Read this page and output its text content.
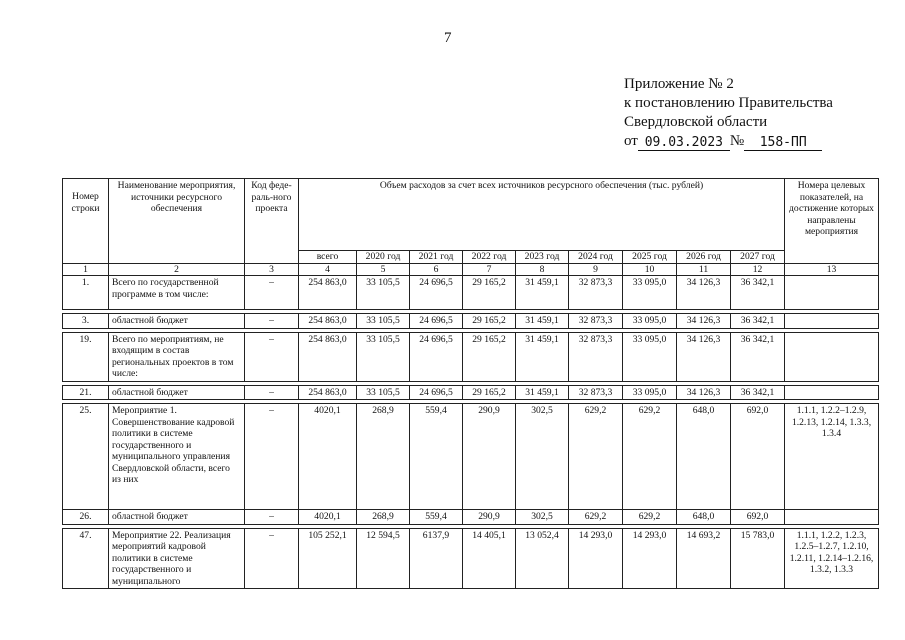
7
Приложение № 2
к постановлению Правительства
Свердловской области
от 09.03.2023 №	158-ПП
Номер строки	Наименование мероприятия, источники ресурсного обеспечения	Код феде-раль-ного проекта	Объем расходов за счет всех источников ресурсного обеспечения (тыс. рублей)									Номера целевых показателей, на достижение которых направлены мероприятия
			всего	2020 год	2021 год	2022 год	2023 год	2024 год	2025 год	2026 год	2027 год	
1	2	3	4	5	6	7	8	9	10	11	12	13
1.	Всего по государственной программе в том числе:	–	254 863,0	33 105,5	24 696,5	29 165,2	31 459,1	32 873,3	33 095,0	34 126,3	36 342,1	

3.	областной бюджет	–	254 863,0	33 105,5	24 696,5	29 165,2	31 459,1	32 873,3	33 095,0	34 126,3	36 342,1	

19.	Всего по мероприятиям, не входящим в состав региональных проектов в том числе:	–	254 863,0	33 105,5	24 696,5	29 165,2	31 459,1	32 873,3	33 095,0	34 126,3	36 342,1	

21.	областной бюджет	–	254 863,0	33 105,5	24 696,5	29 165,2	31 459,1	32 873,3	33 095,0	34 126,3	36 342,1	

25.	Мероприятие 1. Совершенствование кадровой политики в системе государственного и муниципального управления Свердловской области, всего из них	–	4020,1	268,9	559,4	290,9	302,5	629,2	629,2	648,0	692,0	1.1.1, 1.2.2–1.2.9, 1.2.13, 1.2.14, 1.3.3, 1.3.4
26.	областной бюджет	–	4020,1	268,9	559,4	290,9	302,5	629,2	629,2	648,0	692,0	

47.	Мероприятие 22. Реализация мероприятий кадровой политики в системе государственного и муниципального	–	105 252,1	12 594,5	6137,9	14 405,1	13 052,4	14 293,0	14 293,0	14 693,2	15 783,0	1.1.1, 1.2.2, 1.2.3, 1.2.5–1.2.7, 1.2.10, 1.2.11, 1.2.14–1.2.16, 1.3.2, 1.3.3
